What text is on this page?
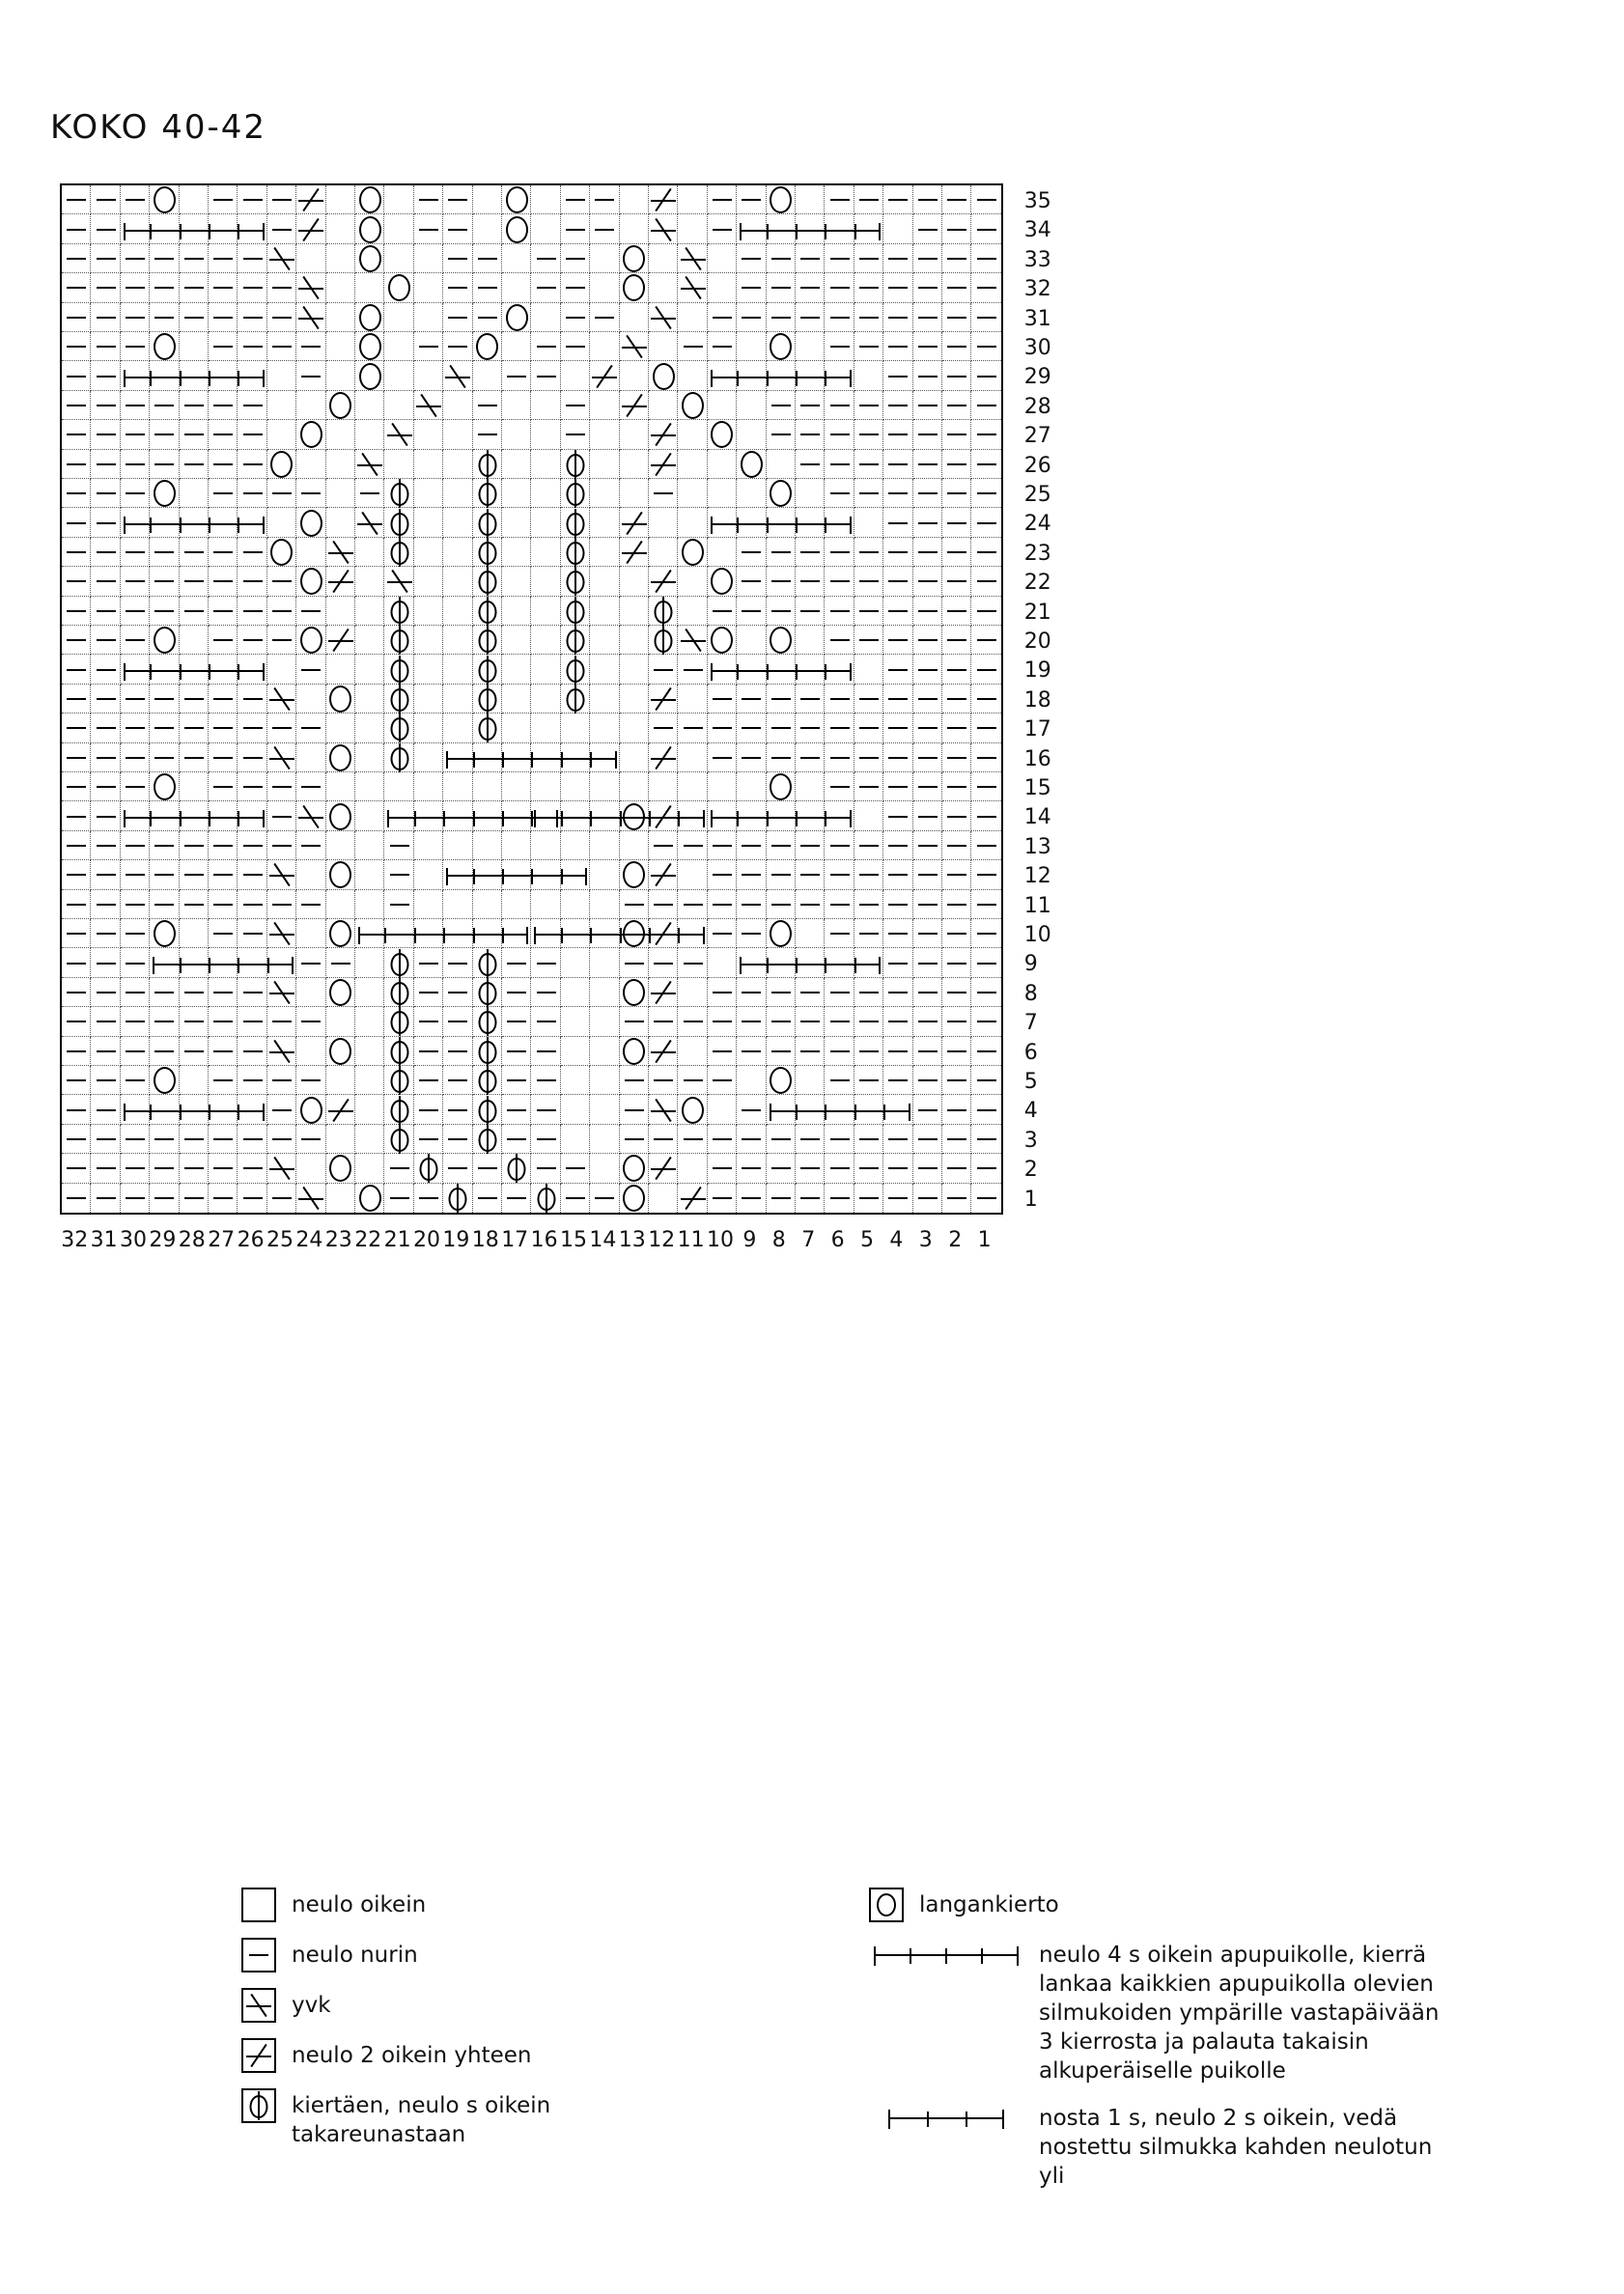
KOKO 40-42
1
2
3
4
5
6
7
8
9
10
11
12
13
14
15
16
17
18
19
20
21
22
23
24
25
26
27
28
29
30
31
32
33
34
35
32 31 30 29 28 27 26 25 24 23 22 21 20 19 18 17 16 15 14 13 12 11 10 9 8 7 6 5 4 3 2 1
neulo oikein
neulo nurin
yvk
neulo 2 oikein yhteen
kiertäen, neulo s oikein takareunastaan
langankierto
neulo 4 s oikein apupuikolle, kierrä lankaa kaikkien apupuikolla olevien silmukoiden ympärille vastapäivään 3 kierrosta ja palauta takaisin alkuperäiselle puikolle
nosta 1 s, neulo 2 s oikein, vedä nostettu silmukka kahden neulotun yli
